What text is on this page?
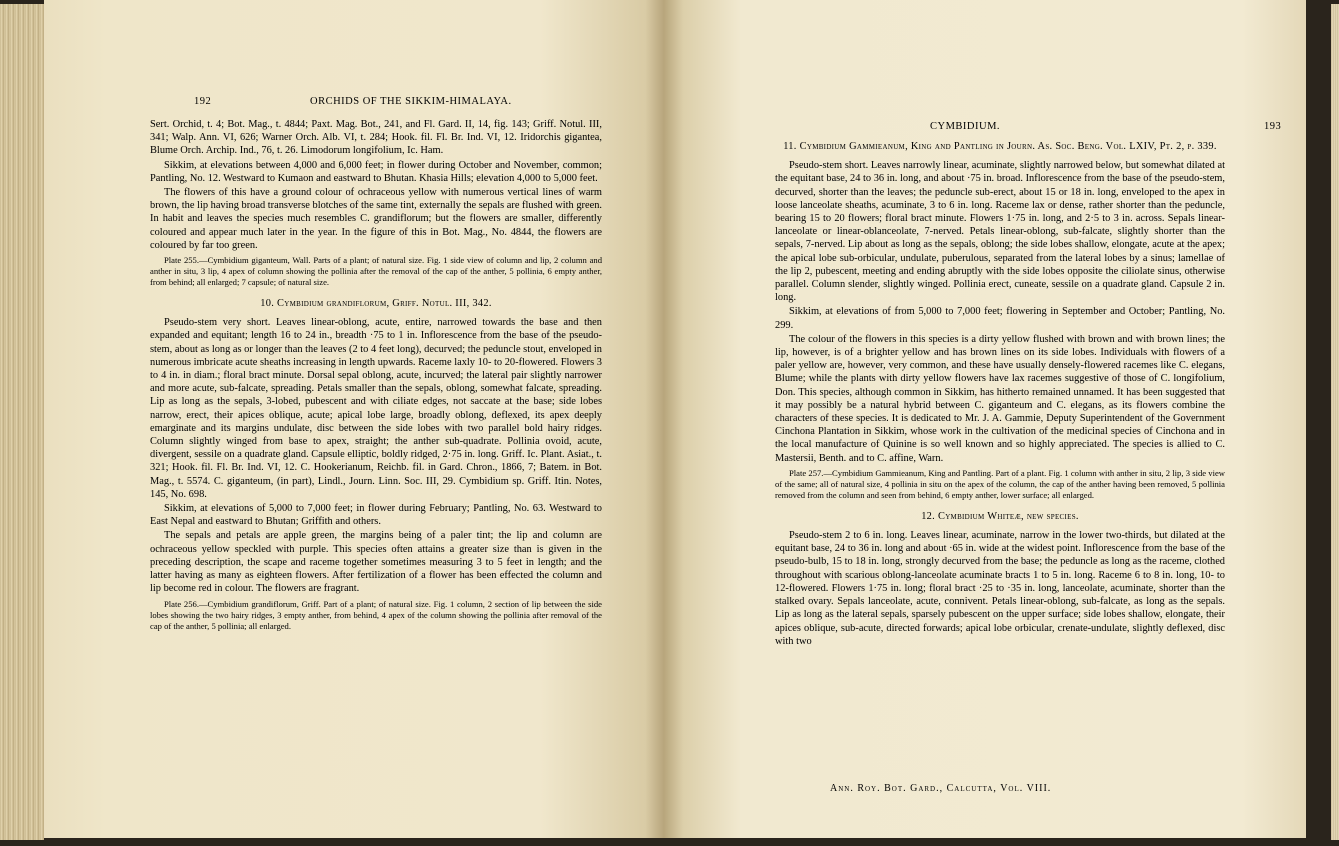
192	ORCHIDS OF THE SIKKIM-HIMALAYA.
CYMBIDIUM.	193

Sert. Orchid, t. 4; Bot. Mag., t. 4844; Paxt. Mag. Bot., 241, and Fl. Gard. II, 14, fig. 143; Griff. Notul. III, 341; Walp. Ann. VI, 626; Warner Orch. Alb. VI, t. 284; Hook. fil. Fl. Br. Ind. VI, 12. Iridorchis gigantea, Blume Orch. Archip. Ind., 76, t. 26. Limodorum longifolium, Ic. Ham.

Sikkim, at elevations between 4,000 and 6,000 feet; in flower during October and November, common; Pantling, No. 12. Westward to Kumaon and eastward to Bhutan. Khasia Hills; elevation 4,000 to 5,000 feet.

The flowers of this have a ground colour of ochraceous yellow with numerous vertical lines of warm brown, the lip having broad transverse blotches of the same tint, externally the sepals are flushed with green. In habit and leaves the species much resembles C. grandiflorum; but the flowers are smaller, differently coloured and appear much later in the year. In the figure of this in Bot. Mag., No. 4844, the flowers are coloured by far too green.

Plate 255.—Cymbidium giganteum, Wall. Parts of a plant; of natural size. Fig. 1 side view of column and lip, 2 column and anther in situ, 3 lip, 4 apex of column showing the pollinia after the removal of the cap of the anther, 5 pollinia, 6 empty anther, from behind; all enlarged; 7 capsule; of natural size.

10. Cymbidium grandiflorum, Griff. Notul. III, 342.

Pseudo-stem very short. Leaves linear-oblong, acute, entire, narrowed towards the base and then expanded and equitant; length 16 to 24 in., breadth ·75 to 1 in. Inflorescence from the base of the pseudo-stem, about as long as or longer than the leaves (2 to 4 feet long), decurved; the peduncle stout, enveloped in numerous imbricate acute sheaths increasing in length upwards. Raceme laxly 10- to 20-flowered. Flowers 3 to 4 in. in diam.; floral bract minute. Dorsal sepal oblong, acute, incurved; the lateral pair slightly narrower and more acute, sub-falcate, spreading. Petals smaller than the sepals, oblong, somewhat falcate, spreading. Lip as long as the sepals, 3-lobed, pubescent and with ciliate edges, not saccate at the base; side lobes narrow, erect, their apices oblique, acute; apical lobe large, broadly oblong, deflexed, its apex deeply emarginate and its margins undulate, disc between the side lobes with two parallel bold hairy ridges. Column slightly winged from base to apex, straight; the anther sub-quadrate. Pollinia ovoid, acute, divergent, sessile on a quadrate gland. Capsule elliptic, boldly ridged, 2·75 in. long. Griff. Ic. Plant. Asiat., t. 321; Hook. fil. Fl. Br. Ind. VI, 12. C. Hookerianum, Reichb. fil. in Gard. Chron., 1866, 7; Batem. in Bot. Mag., t. 5574. C. giganteum, (in part), Lindl., Journ. Linn. Soc. III, 29. Cymbidium sp. Griff. Itin. Notes, 145, No. 698.

Sikkim, at elevations of 5,000 to 7,000 feet; in flower during February; Pantling, No. 63. Westward to East Nepal and eastward to Bhutan; Griffith and others.

The sepals and petals are apple green, the margins being of a paler tint; the lip and column are ochraceous yellow speckled with purple. This species often attains a greater size than is given in the preceding description, the scape and raceme together sometimes measuring 3 to 5 feet in length; and the latter having as many as eighteen flowers. After fertilization of a flower has been effected the column and lip become red in colour. The flowers are fragrant.

Plate 256.—Cymbidium grandiflorum, Griff. Part of a plant; of natural size. Fig. 1 column, 2 section of lip between the side lobes showing the two hairy ridges, 3 empty anther, from behind, 4 apex of the column showing the pollinia after removal of the cap of the anther, 5 pollinia; all enlarged.

11. Cymbidium Gammieanum, King and Pantling in Journ. As. Soc. Beng. Vol. LXIV, Pt. 2, p. 339.

Pseudo-stem short. Leaves narrowly linear, acuminate, slightly narrowed below, but somewhat dilated at the equitant base, 24 to 36 in. long, and about ·75 in. broad. Inflorescence from the base of the pseudo-stem, decurved, shorter than the leaves; the peduncle sub-erect, about 15 or 18 in. long, enveloped to the apex in loose lanceolate sheaths, acuminate, 3 to 6 in. long. Raceme lax or dense, rather shorter than the peduncle, bearing 15 to 20 flowers; floral bract minute. Flowers 1·75 in. long, and 2·5 to 3 in. across. Sepals linear-lanceolate or linear-oblanceolate, 7-nerved. Petals linear-oblong, sub-falcate, slightly shorter than the sepals, 7-nerved. Lip about as long as the sepals, oblong; the side lobes shallow, elongate, acute at the apex; the apical lobe sub-orbicular, undulate, puberulous, separated from the lateral lobes by a sinus; lamellae of the lip 2, pubescent, meeting and ending abruptly with the side lobes opposite the ciliolate sinus, otherwise parallel. Column slender, slightly winged. Pollinia erect, cuneate, sessile on a quadrate gland. Capsule 2 in. long.

Sikkim, at elevations of from 5,000 to 7,000 feet; flowering in September and October; Pantling, No. 299.

The colour of the flowers in this species is a dirty yellow flushed with brown and with brown lines; the lip, however, is of a brighter yellow and has brown lines on its side lobes. Individuals with flowers of a paler yellow are, however, very common, and these have usually densely-flowered racemes like C. elegans, Blume; while the plants with dirty yellow flowers have lax racemes suggestive of those of C. longifolium, Don. This species, although common in Sikkim, has hitherto remained unnamed. It has been suggested that it may possibly be a natural hybrid between C. giganteum and C. elegans, as its flowers combine the characters of these species. It is dedicated to Mr. J. A. Gammie, Deputy Superintendent of the Government Cinchona Plantation in Sikkim, whose work in the cultivation of the medicinal species of Cinchona and in the local manufacture of Quinine is so well known and so highly appreciated. The species is allied to C. Mastersii, Benth. and to C. affine, Warn.

Plate 257.—Cymbidium Gammieanum, King and Pantling. Part of a plant. Fig. 1 column with anther in situ, 2 lip, 3 side view of the same; all of natural size, 4 pollinia in situ on the apex of the column, the cap of the anther having been removed, 5 pollinia removed from the column and seen from behind, 6 empty anther, lower surface; all enlarged.

12. Cymbidium Whiteæ, new species.

Pseudo-stem 2 to 6 in. long. Leaves linear, acuminate, narrow in the lower two-thirds, but dilated at the equitant base, 24 to 36 in. long and about ·65 in. wide at the widest point. Inflorescence from the base of the pseudo-bulb, 15 to 18 in. long, strongly decurved from the base; the peduncle as long as the raceme, clothed throughout with scarious oblong-lanceolate acuminate bracts 1 to 5 in. long. Raceme 6 to 8 in. long, 10- to 12-flowered. Flowers 1·75 in. long; floral bract ·25 to ·35 in. long, lanceolate, acuminate, shorter than the stalked ovary. Sepals lanceolate, acute, connivent. Petals linear-oblong, sub-falcate, as long as the sepals. Lip as long as the lateral sepals, sparsely pubescent on the upper surface; side lobes shallow, elongate, their apices oblique, sub-acute, directed forwards; apical lobe orbicular, crenate-undulate, slightly deflexed, disc with two

Ann. Roy. Bot. Gard., Calcutta, Vol. VIII.
